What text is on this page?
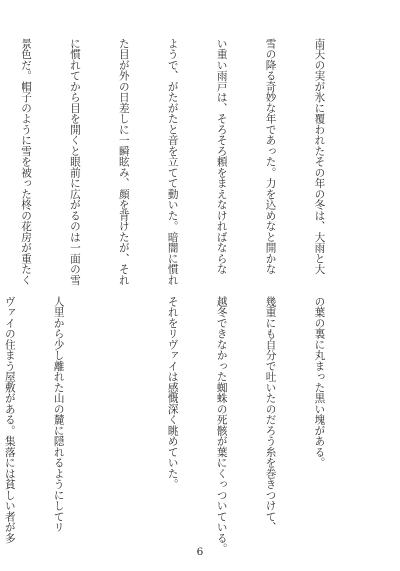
南天の実が氷に覆われたその年の冬は、大雨と大

雪の降る奇妙な年であった。力を込めなと開かな

い重い雨戸は、そろそろ頼をまえなければならな

ようで、がたがたと音を立てて動いた。暗闇に慣れ

た目が外の日差しに一瞬眩み、顔を背けたが、それ

に慣れてから目を開くと眼前に広がるのは一面の雪

景色だ。帽子のように雪を被った柊の花房が重たく

の葉の裏に丸まった黒い塊がある。

幾重にも自分で吐いたのだろう糸を巻きつけて、

越冬できなかった蜘蛛の死骸が葉にくっついている。

それをリヴァイは感慨深く眺めていた。

人里から少し離れた山の麓に隠れるようにしてリ

ヴァイの住まう屋敷がある。集落には貧しい者が多

6
